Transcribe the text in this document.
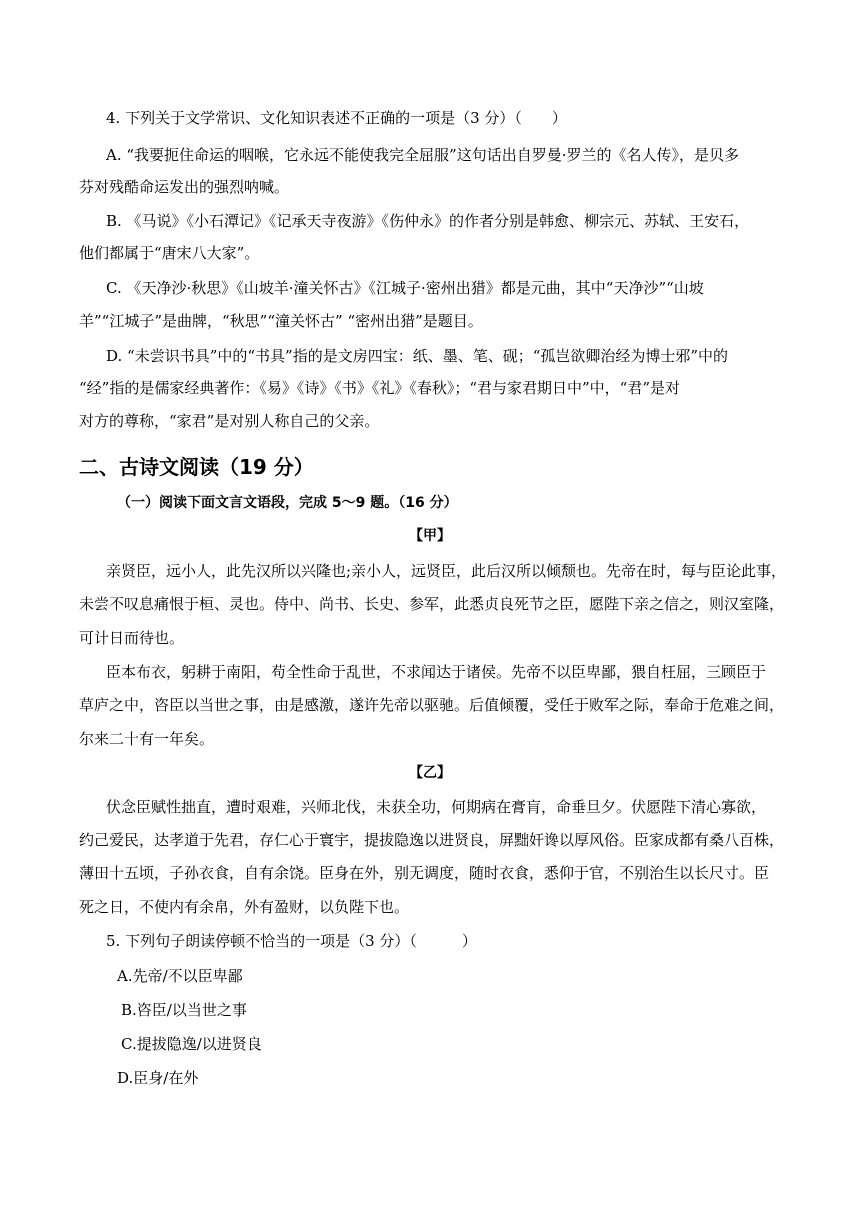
4. 下列关于文学常识、文化知识表述不正确的一项是（3 分）（　　）
A. “我要扼住命运的咽喉，它永远不能使我完全屈服”这句话出自罗曼·罗兰的《名人传》，是贝多
芬对残酷命运发出的强烈呐喊。
B. 《马说》《小石潭记》《记承天寺夜游》《伤仲永》的作者分别是韩愈、柳宗元、苏轼、王安石，
他们都属于“唐宋八大家”。
C. 《天净沙·秋思》《山坡羊·潼关怀古》《江城子·密州出猎》都是元曲，其中“天净沙”“山坡
羊”“江城子”是曲牌，“秋思”“潼关怀古” “密州出猎”是题目。
D. “未尝识书具”中的“书具”指的是文房四宝：纸、墨、笔、砚；“孤岂欲卿治经为博士邪”中的
“经”指的是儒家经典著作：《易》《诗》《书》《礼》《春秋》；“君与家君期日中”中，“君”是对
对方的尊称，“家君”是对别人称自己的父亲。
二、古诗文阅读（19 分）
（一）阅读下面文言文语段，完成 5～9 题。（16 分）
【甲】
亲贤臣，远小人，此先汉所以兴隆也;亲小人，远贤臣，此后汉所以倾颓也。先帝在时，每与臣论此事，
未尝不叹息痛恨于桓、灵也。侍中、尚书、长史、参军，此悉贞良死节之臣，愿陛下亲之信之，则汉室隆，
可计日而待也。
臣本布衣，躬耕于南阳，苟全性命于乱世，不求闻达于诸侯。先帝不以臣卑鄙，猥自枉屈，三顾臣于
草庐之中，咨臣以当世之事，由是感激，遂许先帝以驱驰。后值倾覆，受任于败军之际，奉命于危难之间，
尔来二十有一年矣。
【乙】
伏念臣赋性拙直，遭时艰难，兴师北伐，未获全功，何期病在膏肓，命垂旦夕。伏愿陛下清心寡欲，
约己爱民，达孝道于先君，存仁心于寰宇，提拔隐逸以进贤良，屏黜奸谗以厚风俗。臣家成都有桑八百株，
薄田十五顷，子孙衣食，自有余饶。臣身在外，别无调度，随时衣食，悉仰于官，不别治生以长尺寸。臣
死之日，不使内有余帛，外有盈财，以负陛下也。
5. 下列句子朗读停顿不恰当的一项是（3 分）（　　　）
A.先帝/不以臣卑鄙
B.咨臣/以当世之事
C.提拔隐逸/以进贤良
D.臣身/在外
